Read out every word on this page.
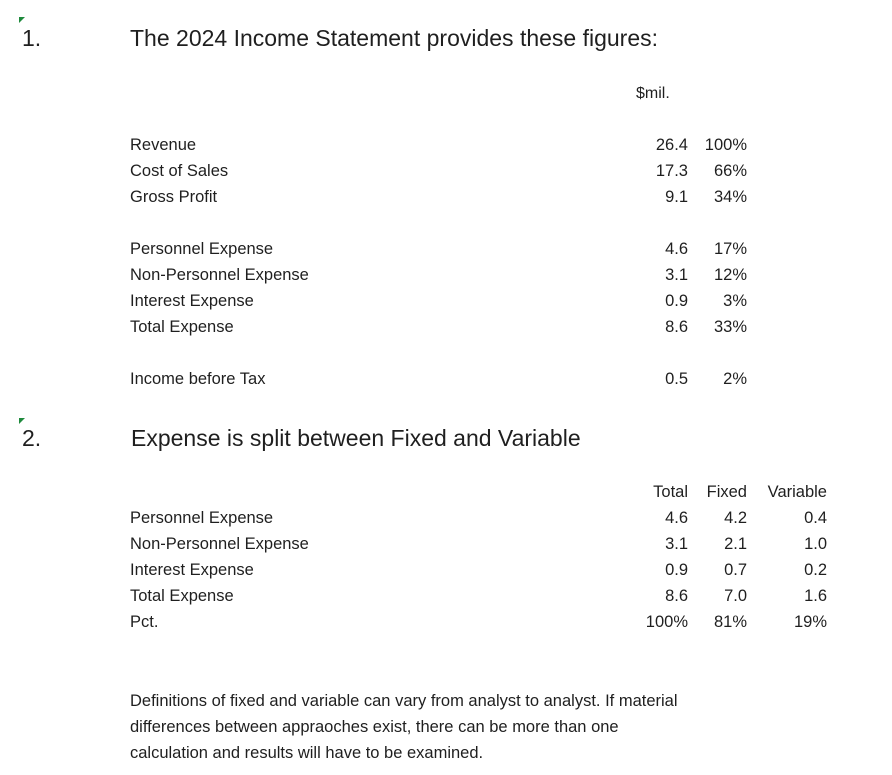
1.	The 2024 Income Statement provides these figures:
$mil.
Revenue	26.4	100%
Cost of Sales	17.3	66%
Gross Profit	9.1	34%
Personnel Expense	4.6	17%
Non-Personnel Expense	3.1	12%
Interest Expense	0.9	3%
Total Expense	8.6	33%
Income before Tax	0.5	2%
2.	Expense is split between Fixed and Variable
Total	Fixed	Variable
Personnel Expense	4.6	4.2	0.4
Non-Personnel Expense	3.1	2.1	1.0
Interest Expense	0.9	0.7	0.2
Total Expense	8.6	7.0	1.6
Pct.	100%	81%	19%

Definitions of fixed and variable can vary from analyst to analyst. If material

differences between appraoches exist, there can be more than one

calculation and results will have to be examined.
